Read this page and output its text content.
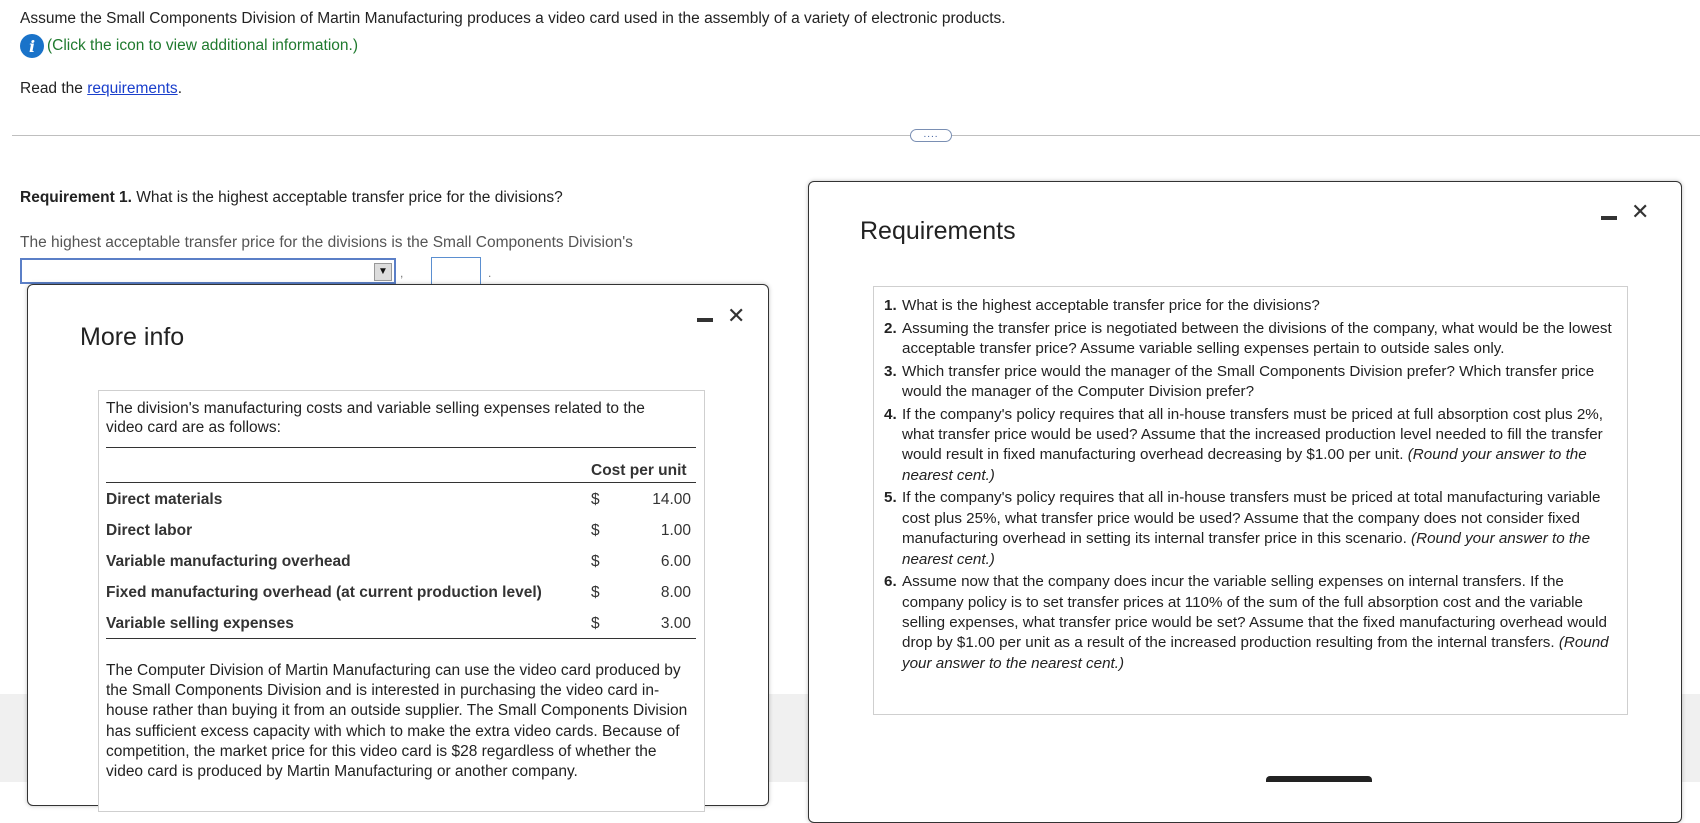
Assume the Small Components Division of Martin Manufacturing produces a video card used in the assembly of a variety of electronic products.
i (Click the icon to view additional information.)
Read the requirements.
....
Requirement 1. What is the highest acceptable transfer price for the divisions?
The highest acceptable transfer price for the divisions is the Small Components Division's
▼	,	.
More info
✕
The division's manufacturing costs and variable selling expenses related to the video card are as follows:
Cost per unit
Direct materials	$	14.00
Direct labor	$	1.00
Variable manufacturing overhead	$	6.00
Fixed manufacturing overhead (at current production level)	$	8.00
Variable selling expenses	$	3.00
The Computer Division of Martin Manufacturing can use the video card produced by the Small Components Division and is interested in purchasing the video card in-house rather than buying it from an outside supplier. The Small Components Division has sufficient excess capacity with which to make the extra video cards. Because of competition, the market price for this video card is $28 regardless of whether the video card is produced by Martin Manufacturing or another company.
Requirements
✕
1. What is the highest acceptable transfer price for the divisions?
2. Assuming the transfer price is negotiated between the divisions of the company, what would be the lowest acceptable transfer price? Assume variable selling expenses pertain to outside sales only.
3. Which transfer price would the manager of the Small Components Division prefer? Which transfer price would the manager of the Computer Division prefer?
4. If the company's policy requires that all in-house transfers must be priced at full absorption cost plus 2%, what transfer price would be used? Assume that the increased production level needed to fill the transfer would result in fixed manufacturing overhead decreasing by $1.00 per unit. (Round your answer to the nearest cent.)
5. If the company's policy requires that all in-house transfers must be priced at total manufacturing variable cost plus 25%, what transfer price would be used? Assume that the company does not consider fixed manufacturing overhead in setting its internal transfer price in this scenario. (Round your answer to the nearest cent.)
6. Assume now that the company does incur the variable selling expenses on internal transfers. If the company policy is to set transfer prices at 110% of the sum of the full absorption cost and the variable selling expenses, what transfer price would be set? Assume that the fixed manufacturing overhead would drop by $1.00 per unit as a result of the increased production resulting from the internal transfers. (Round your answer to the nearest cent.)
